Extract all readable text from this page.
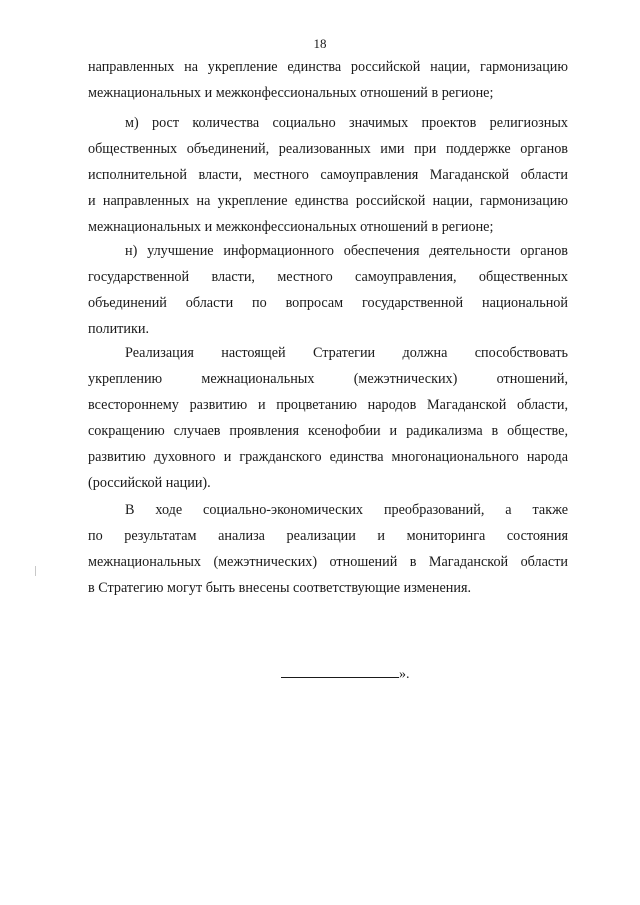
18
направленных на укрепление единства российской нации, гармонизацию
межнациональных и межконфессиональных отношений в регионе;
м) рост количества социально значимых проектов религиозных
общественных объединений, реализованных ими при поддержке органов
исполнительной власти, местного самоуправления Магаданской области
и направленных на укрепление единства российской нации, гармонизацию
межнациональных и межконфессиональных отношений в регионе;
н) улучшение информационного обеспечения деятельности органов
государственной власти, местного самоуправления, общественных
объединений области по вопросам государственной национальной
политики.
Реализация настоящей Стратегии должна способствовать
укреплению межнациональных (межэтнических) отношений,
всестороннему развитию и процветанию народов Магаданской области,
сокращению случаев проявления ксенофобии и радикализма в обществе,
развитию духовного и гражданского единства многонационального народа
(российской нации).
В ходе социально-экономических преобразований, а также
по результатам анализа реализации и мониторинга состояния
межнациональных (межэтнических) отношений в Магаданской области
в Стратегию могут быть внесены соответствующие изменения.
».
